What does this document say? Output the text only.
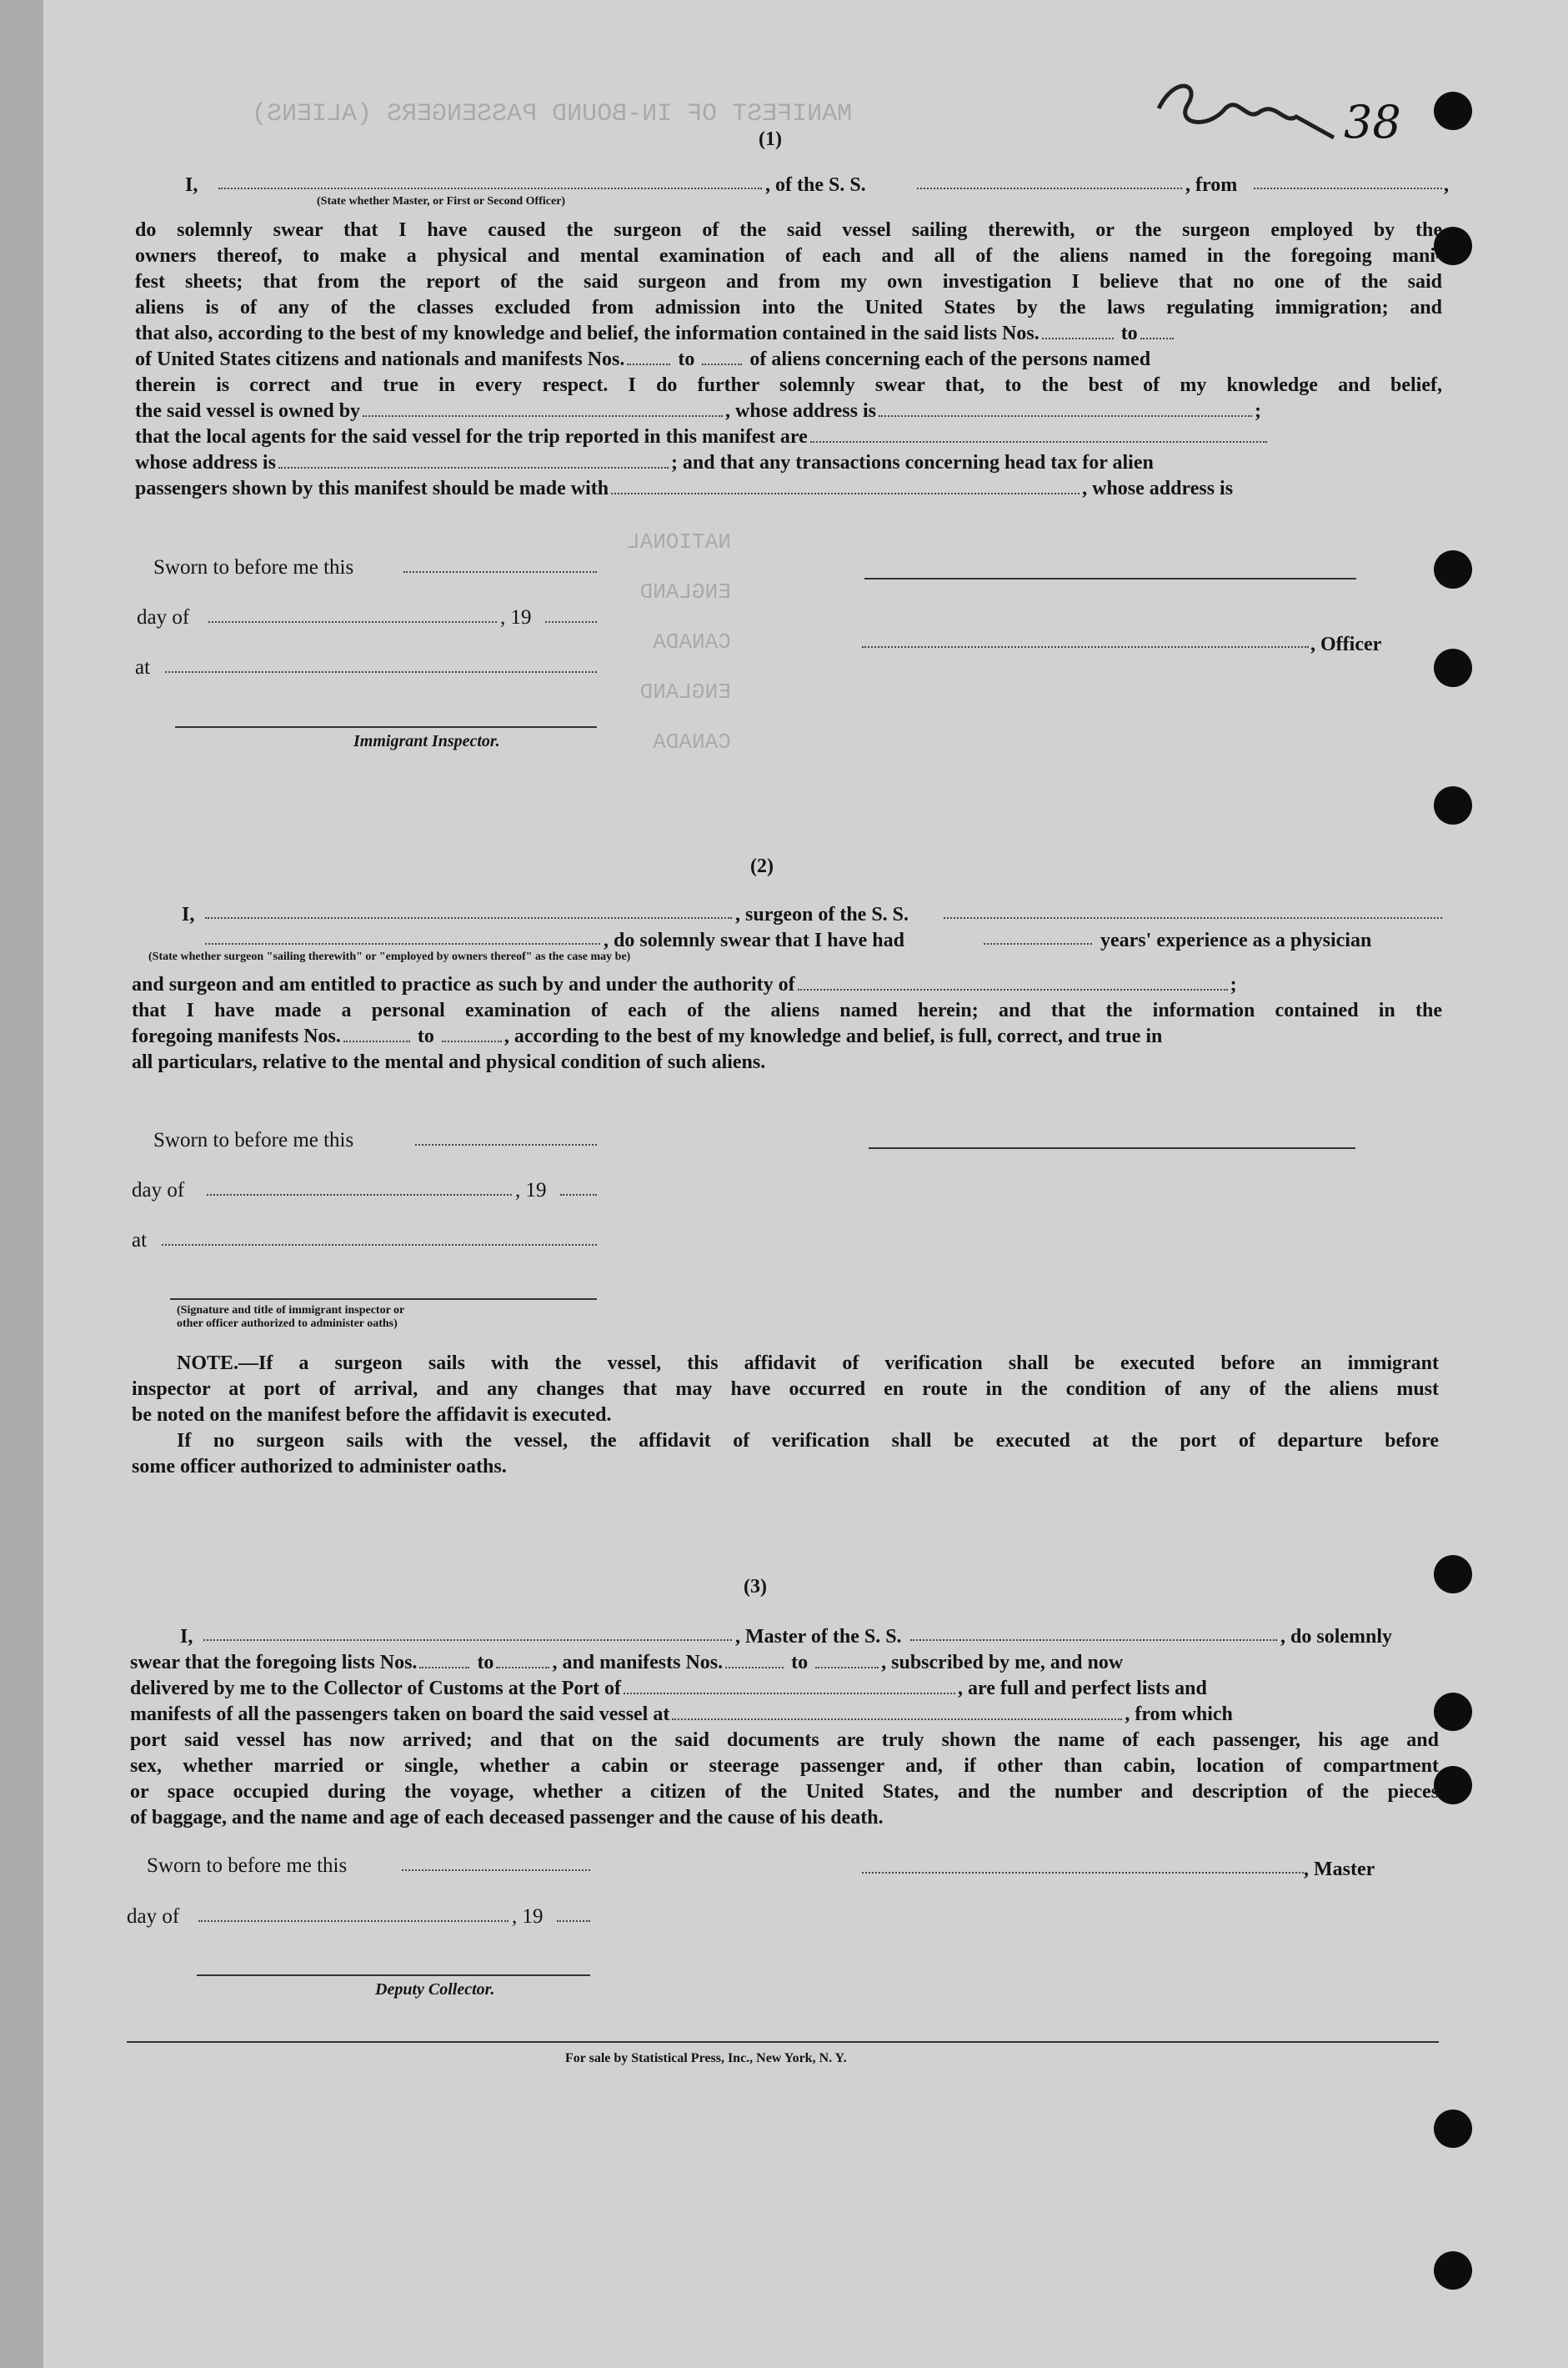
MANIFEST OF IN-BOUND PASSENGERS (ALIENS)
NATIONAL
ENGLAND
CANADA
ENGLAND
CANADA
38
(1)
I,	, of the S. S.	, from	,
(State whether Master, or First or Second Officer)

do solemnly swear that I have caused the surgeon of the said vessel sailing therewith, or the surgeon employed by the

owners thereof, to make a physical and mental examination of each and all of the aliens named in the foregoing mani-

fest sheets; that from the report of the said surgeon and from my own investigation I believe that no one of the said

aliens is of any of the classes excluded from admission into the United States by the laws regulating immigration; and

that also, according to the best of my knowledge and belief, the information contained in the said lists Nos.	to

of United States citizens and nationals and manifests Nos.	to	of aliens concerning each of the persons named

therein is correct and true in every respect. I do further solemnly swear that, to the best of my knowledge and belief,

the said vessel is owned by	, whose address is	;

that the local agents for the said vessel for the trip reported in this manifest are

whose address is	; and that any transactions concerning head tax for alien

passengers shown by this manifest should be made with	, whose address is

Sworn to before me this
day of	, 19
at
Immigrant Inspector.
, Officer
(2)
I,	, surgeon of the S. S.
, do solemnly swear that I have had	years' experience as a physician
(State whether surgeon "sailing therewith" or "employed by owners thereof" as the case may be)

and surgeon and am entitled to practice as such by and under the authority of	;

that I have made a personal examination of each of the aliens named herein; and that the information contained in the

foregoing manifests Nos.	to	, according to the best of my knowledge and belief, is full, correct, and true in

all particulars, relative to the mental and physical condition of such aliens.

Sworn to before me this
day of	, 19
at
(Signature and title of immigrant inspector or
other officer authorized to administer oaths)

NOTE.—If a surgeon sails with the vessel, this affidavit of verification shall be executed before an immigrant

inspector at port of arrival, and any changes that may have occurred en route in the condition of any of the aliens must

be noted on the manifest before the affidavit is executed.

If no surgeon sails with the vessel, the affidavit of verification shall be executed at the port of departure before

some officer authorized to administer oaths.

(3)
I,	, Master of the S. S.	, do solemnly

swear that the foregoing lists Nos.	to	, and manifests Nos.	to	, subscribed by me, and now

delivered by me to the Collector of Customs at the Port of	, are full and perfect lists and

manifests of all the passengers taken on board the said vessel at	, from which

port said vessel has now arrived; and that on the said documents are truly shown the name of each passenger, his age and

sex, whether married or single, whether a cabin or steerage passenger and, if other than cabin, location of compartment

or space occupied during the voyage, whether a citizen of the United States, and the number and description of the pieces

of baggage, and the name and age of each deceased passenger and the cause of his death.

Sworn to before me this
day of	, 19
Deputy Collector.
, Master
For sale by Statistical Press, Inc., New York, N. Y.
